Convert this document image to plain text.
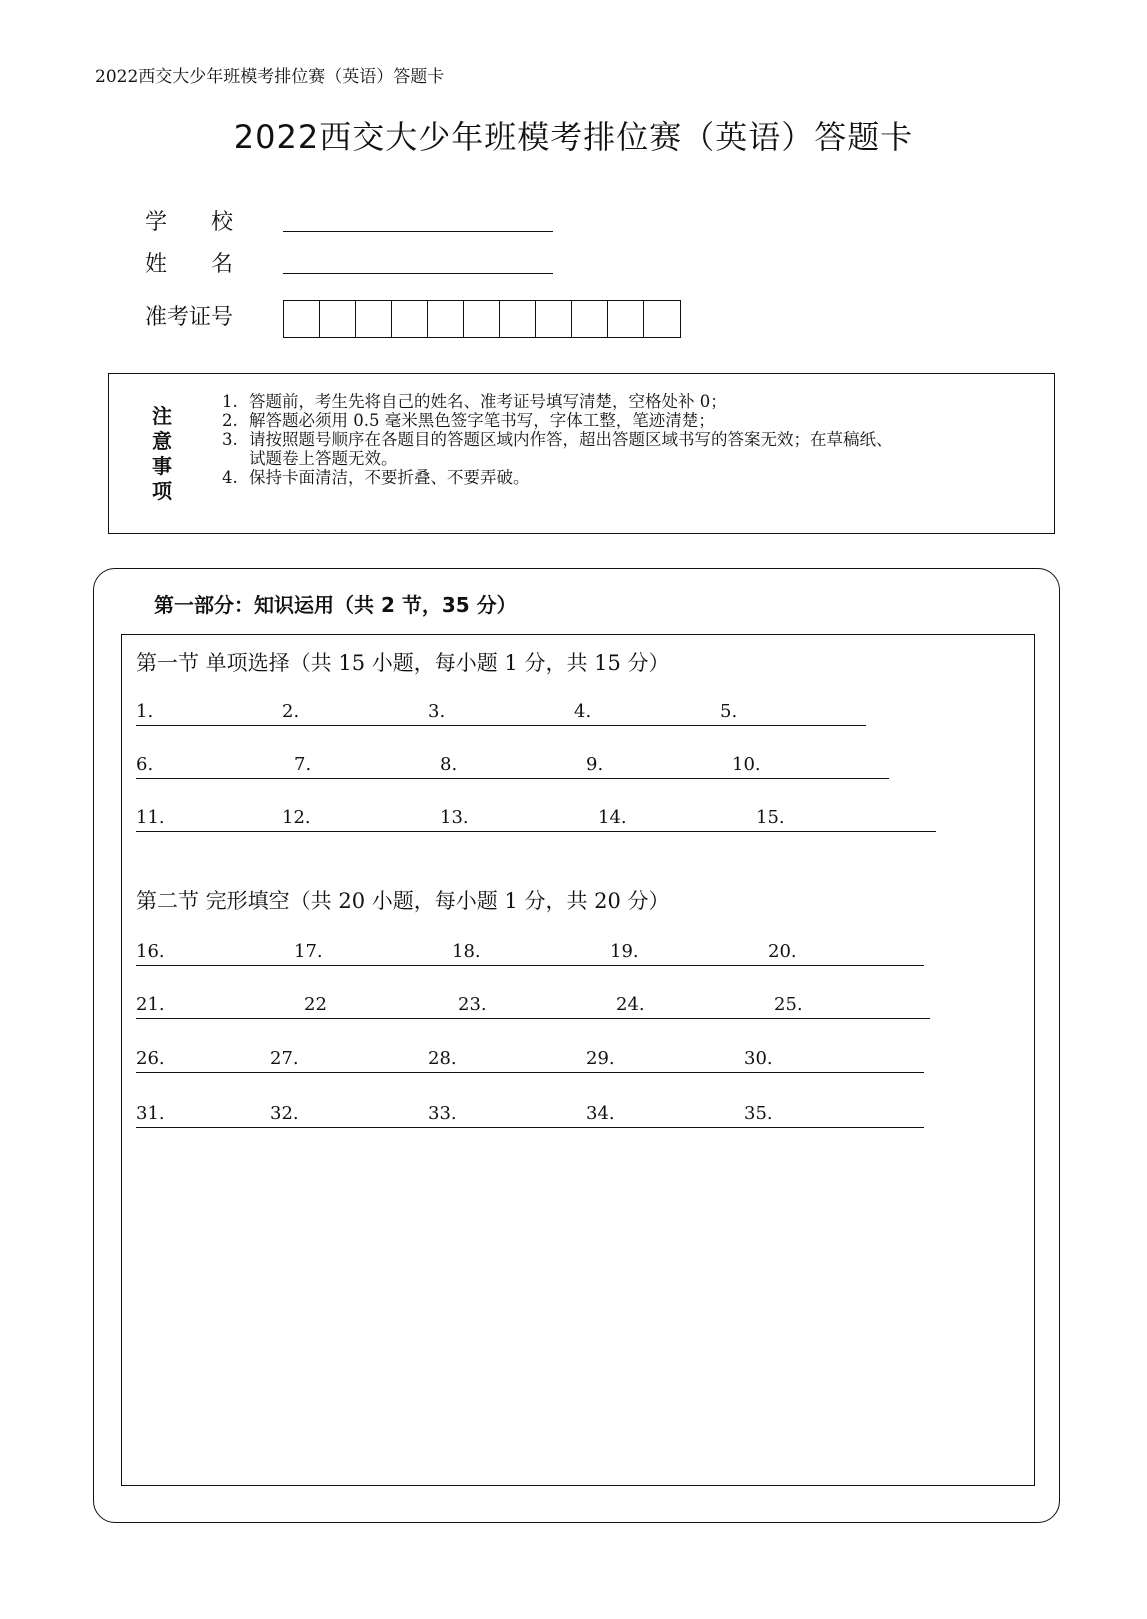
2022西交大少年班模考排位赛（英语）答题卡
2022西交大少年班模考排位赛（英语）答题卡
学　　校
姓　　名
准考证号
注
意
事
项
1. 答题前，考生先将自己的姓名、准考证号填写清楚，空格处补 0；
2. 解答题必须用 0.5 毫米黑色签字笔书写，字体工整，笔迹清楚；
3. 请按照题号顺序在各题目的答题区域内作答，超出答题区域书写的答案无效；在草稿纸、
试题卷上答题无效。
4. 保持卡面清洁，不要折叠、不要弄破。
第一部分：知识运用（共 2 节，35 分）
第一节 单项选择（共 15 小题，每小题 1 分，共 15 分）
1.	2.	3.	4.	5.
6.	7.	8.	9.	10.
11.	12.	13.	14.	15.
第二节 完形填空（共 20 小题，每小题 1 分，共 20 分）
16.	17.	18.	19.	20.
21.	22	23.	24.	25.
26.	27.	28.	29.	30.
31.	32.	33.	34.	35.
